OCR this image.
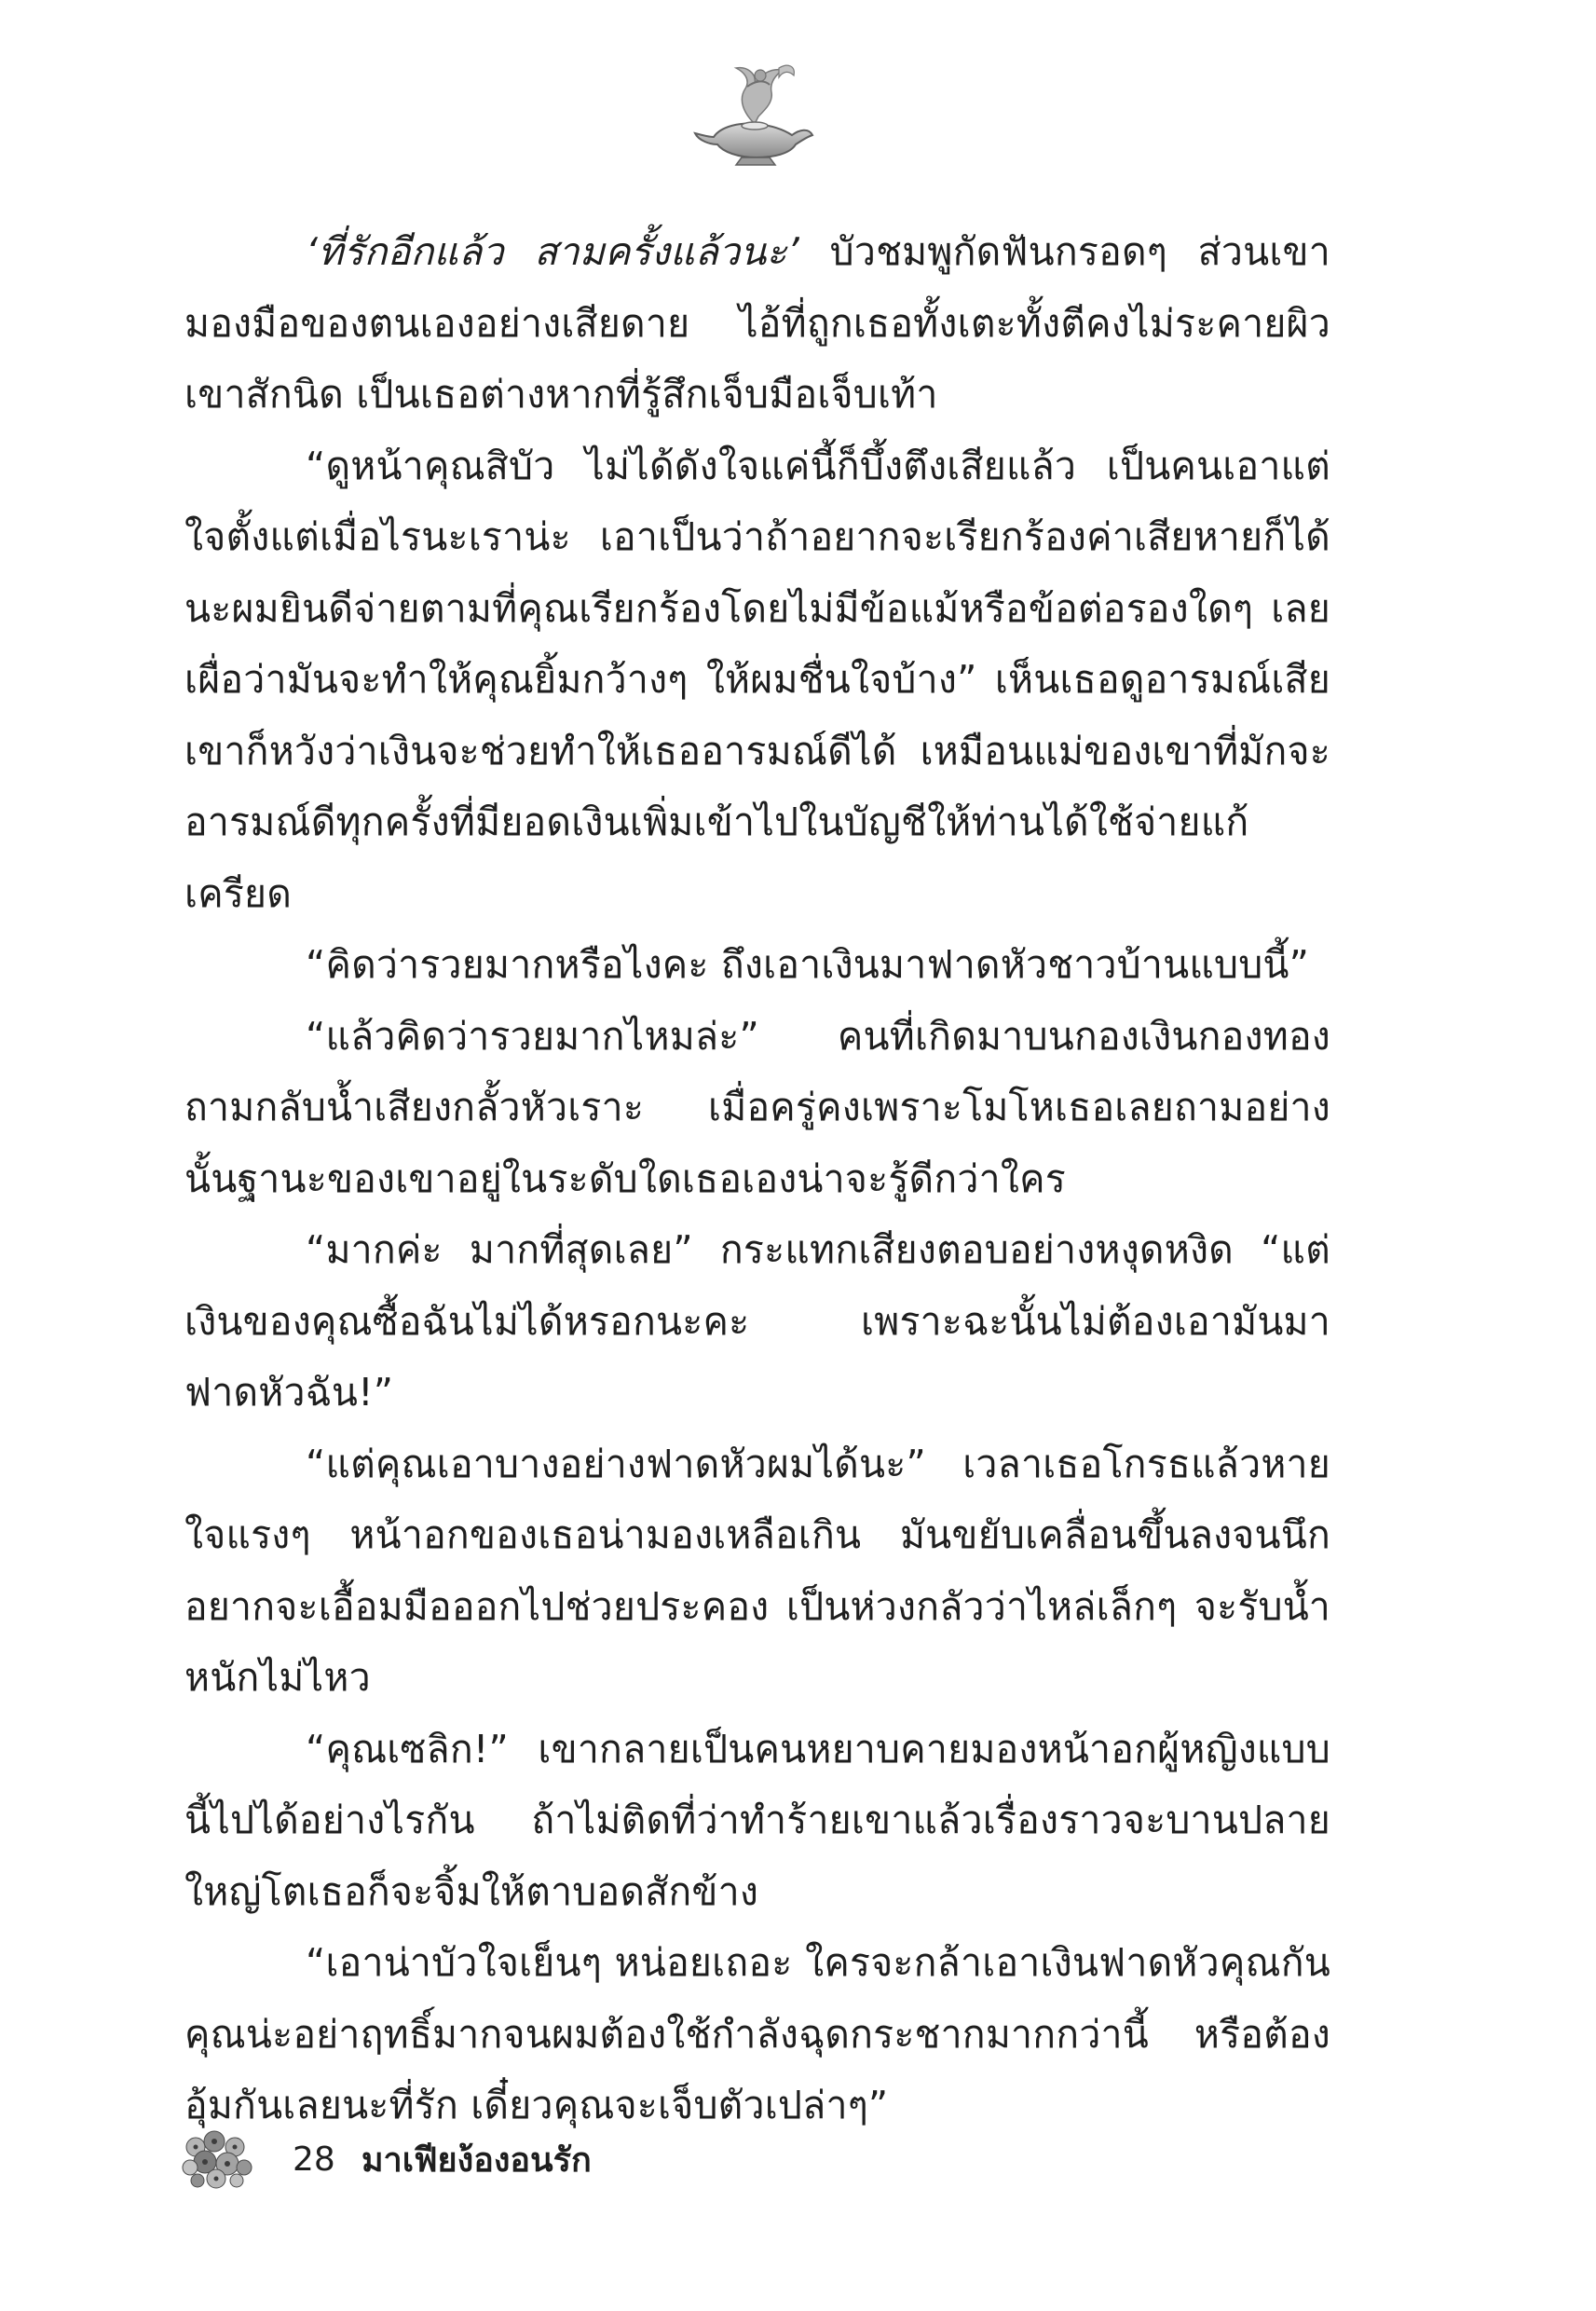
‘ที่รักอีกแล้ว สามครั้งแล้วนะ’ บัวชมพูกัดฟันกรอดๆ ส่วนเขามองมือของตนเองอย่างเสียดาย ไอ้ที่ถูกเธอทั้งเตะทั้งตีคงไม่ระคายผิวเขาสักนิด เป็นเธอต่างหากที่รู้สึกเจ็บมือเจ็บเท้า

“ดูหน้าคุณสิบัว ไม่ได้ดังใจแค่นี้ก็บึ้งตึงเสียแล้ว เป็นคนเอาแต่ใจตั้งแต่เมื่อไรนะเราน่ะ เอาเป็นว่าถ้าอยากจะเรียกร้องค่าเสียหายก็ได้นะผมยินดีจ่ายตามที่คุณเรียกร้องโดยไม่มีข้อแม้หรือข้อต่อรองใดๆ เลยเผื่อว่ามันจะทำให้คุณยิ้มกว้างๆ ให้ผมชื่นใจบ้าง” เห็นเธอดูอารมณ์เสียเขาก็หวังว่าเงินจะช่วยทำให้เธออารมณ์ดีได้ เหมือนแม่ของเขาที่มักจะอารมณ์ดีทุกครั้งที่มียอดเงินเพิ่มเข้าไปในบัญชีให้ท่านได้ใช้จ่ายแก้เครียด

“คิดว่ารวยมากหรือไงคะ ถึงเอาเงินมาฟาดหัวชาวบ้านแบบนี้”

“แล้วคิดว่ารวยมากไหมล่ะ” คนที่เกิดมาบนกองเงินกองทองถามกลับน้ำเสียงกลั้วหัวเราะ เมื่อครู่คงเพราะโมโหเธอเลยถามอย่างนั้นฐานะของเขาอยู่ในระดับใดเธอเองน่าจะรู้ดีกว่าใคร

“มากค่ะ มากที่สุดเลย” กระแทกเสียงตอบอย่างหงุดหงิด “แต่เงินของคุณซื้อฉันไม่ได้หรอกนะคะ เพราะฉะนั้นไม่ต้องเอามันมาฟาดหัวฉัน!”

“แต่คุณเอาบางอย่างฟาดหัวผมได้นะ” เวลาเธอโกรธแล้วหายใจแรงๆ หน้าอกของเธอน่ามองเหลือเกิน มันขยับเคลื่อนขึ้นลงจนนึกอยากจะเอื้อมมือออกไปช่วยประคอง เป็นห่วงกลัวว่าไหล่เล็กๆ จะรับน้ำหนักไม่ไหว

“คุณเซลิก!” เขากลายเป็นคนหยาบคายมองหน้าอกผู้หญิงแบบนี้ไปได้อย่างไรกัน ถ้าไม่ติดที่ว่าทำร้ายเขาแล้วเรื่องราวจะบานปลายใหญ่โตเธอก็จะจิ้มให้ตาบอดสักข้าง

“เอาน่าบัวใจเย็นๆ หน่อยเถอะ ใครจะกล้าเอาเงินฟาดหัวคุณกันคุณน่ะอย่าฤทธิ์มากจนผมต้องใช้กำลังฉุดกระชากมากกว่านี้ หรือต้องอุ้มกันเลยนะที่รัก เดี๋ยวคุณจะเจ็บตัวเปล่าๆ”

28 มาเฟียง้องอนรัก
